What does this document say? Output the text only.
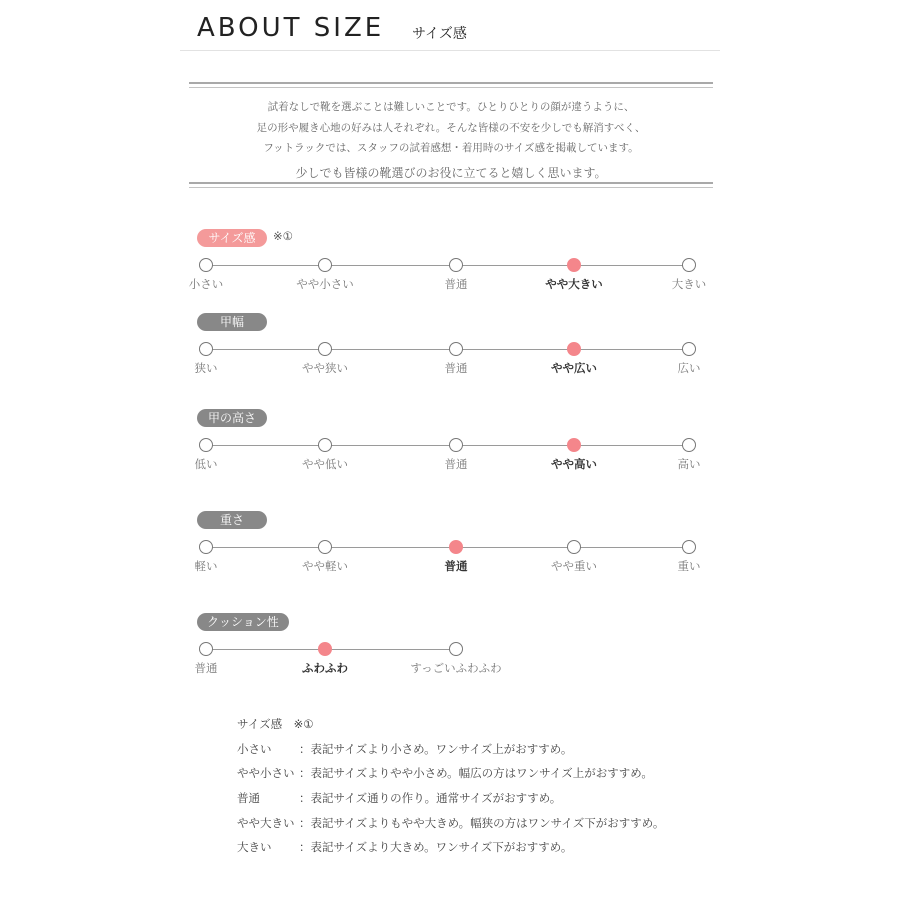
ABOUT SIZE サイズ感
試着なしで靴を選ぶことは難しいことです。ひとりひとりの顔が違うように、
足の形や履き心地の好みは人それぞれ。そんな皆様の不安を少しでも解消すべく、
フットラックでは、スタッフの試着感想・着用時のサイズ感を掲載しています。
少しでも皆様の靴選びのお役に立てると嬉しく思います。
サイズ感	※①
小さい	やや小さい	普通	やや大きい	大きい
甲幅
狭い	やや狭い	普通	やや広い	広い
甲の高さ
低い	やや低い	普通	やや高い	高い
重さ
軽い	やや軽い	普通	やや重い	重い
クッション性
普通	ふわふわ	すっごいふわふわ
サイズ感　※①
小さい ：表記サイズより小さめ。ワンサイズ上がおすすめ。
やや小さい ：表記サイズよりやや小さめ。幅広の方はワンサイズ上がおすすめ。
普通	：表記サイズ通りの作り。通常サイズがおすすめ。
やや大きい ：表記サイズよりもやや大きめ。幅狭の方はワンサイズ下がおすすめ。
大きい ：表記サイズより大きめ。ワンサイズ下がおすすめ。
